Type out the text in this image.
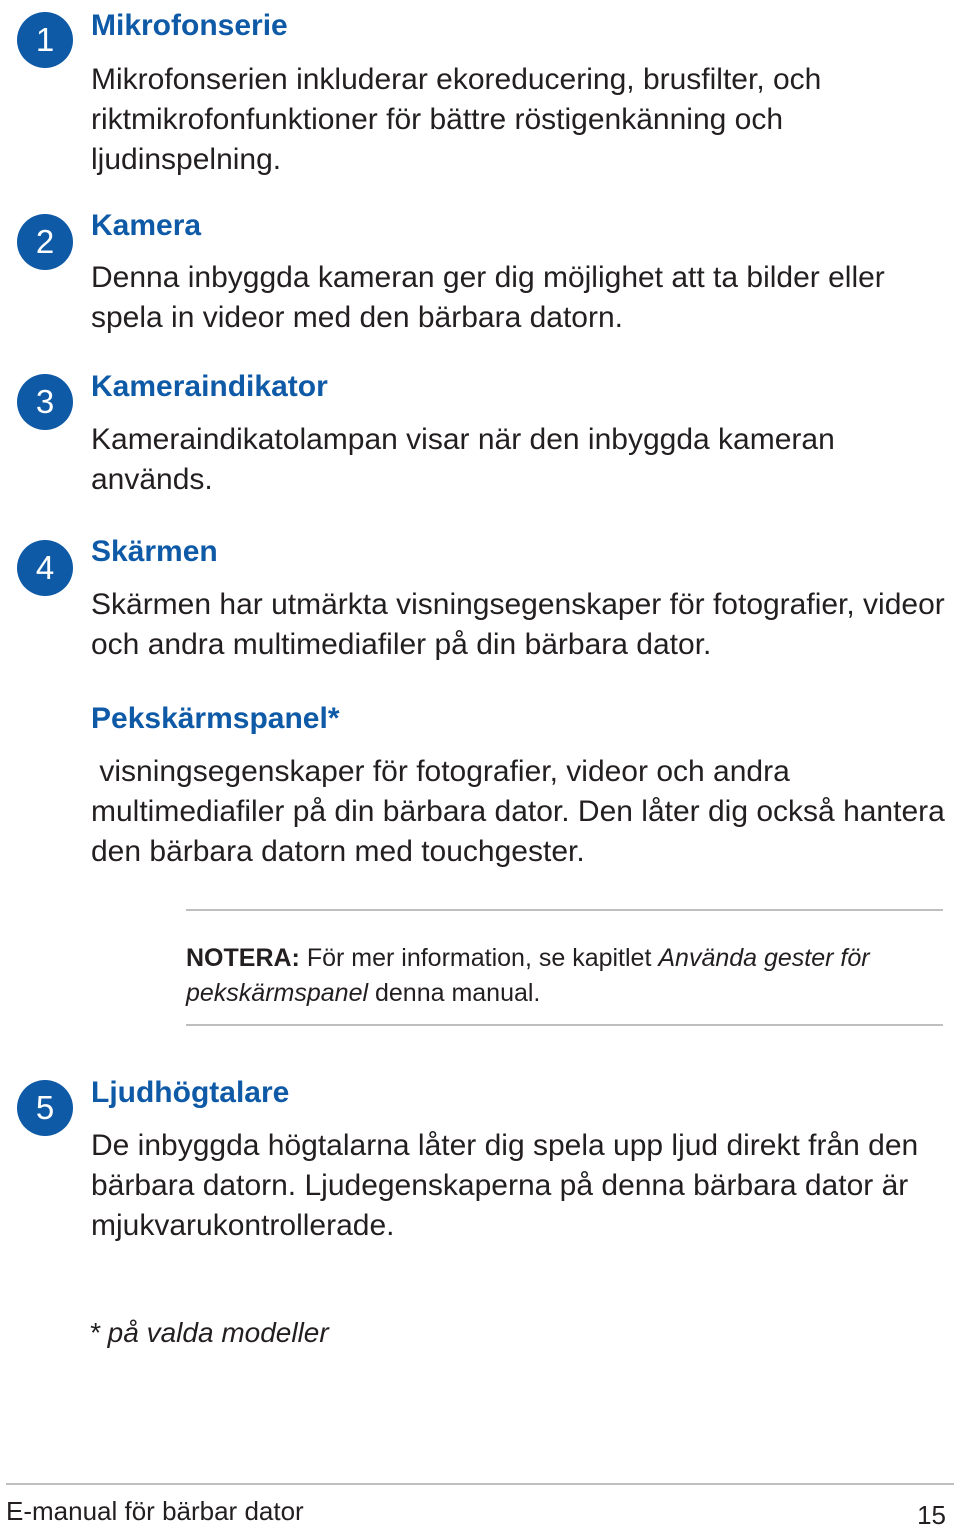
1	Mikrofonserie
Mikrofonserien inkluderar ekoreducering, brusfilter, och riktmikrofonfunktioner för bättre röstigenkänning och ljudinspelning.
2	Kamera
Denna inbyggda kameran ger dig möjlighet att ta bilder eller spela in videor med den bärbara datorn.
3	Kameraindikator
Kameraindikatolampan visar när den inbyggda kameran används.
4	Skärmen
Skärmen har utmärkta visningsegenskaper för fotografier, videor och andra multimediafiler på din bärbara dator.
Pekskärmspanel*
visningsegenskaper för fotografier, videor och andra multimediafiler på din bärbara dator. Den låter dig också hantera den bärbara datorn med touchgester.
NOTERA: För mer information, se kapitlet Använda gester för pekskärmspanel denna manual.
5	Ljudhögtalare
De inbyggda högtalarna låter dig spela upp ljud direkt från den bärbara datorn. Ljudegenskaperna på denna bärbara dator är mjukvarukontrollerade.
* på valda modeller
E-manual för bärbar dator	15
